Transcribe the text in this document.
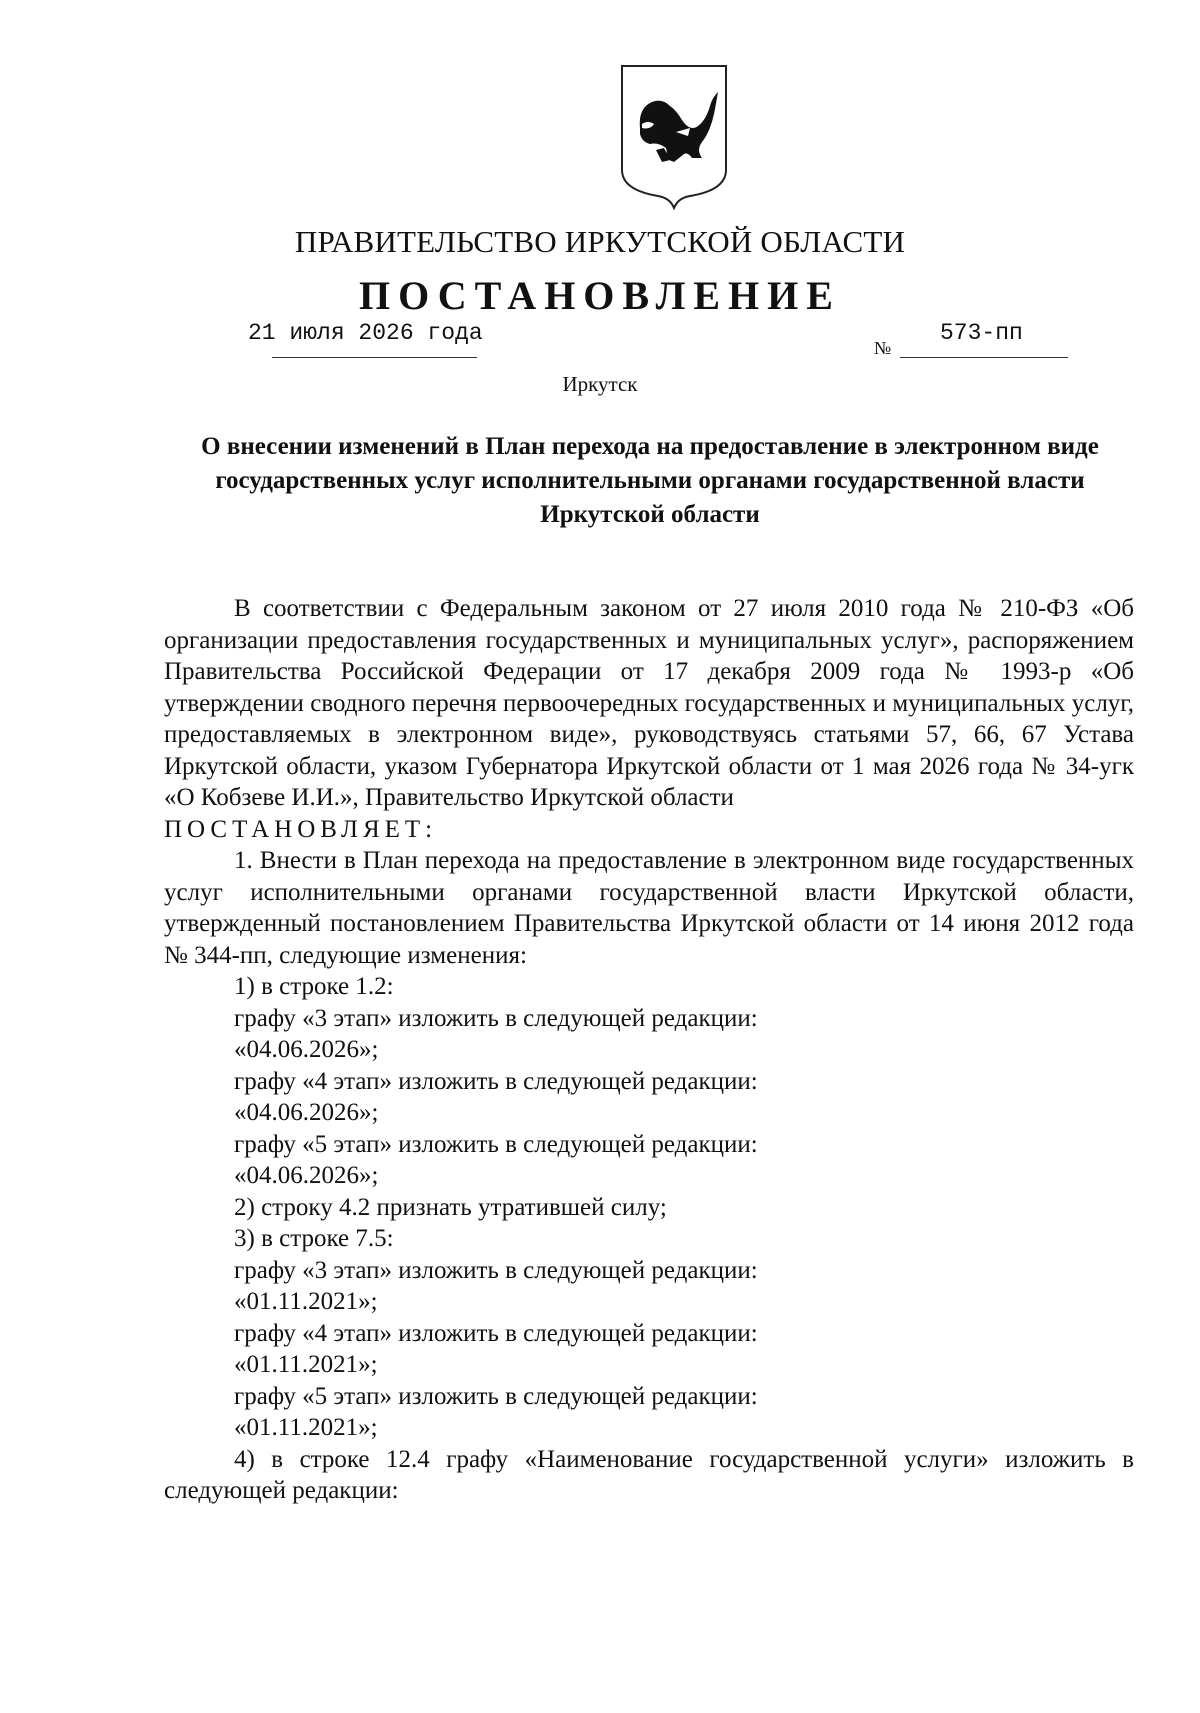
ПРАВИТЕЛЬСТВО ИРКУТСКОЙ ОБЛАСТИ
ПОСТАНОВЛЕНИЕ
21 июля 2026 года
№
573-пп
Иркутск
О внесении изменений в План перехода на предоставление в электронном виде государственных услуг исполнительными органами государственной власти Иркутской области

В соответствии с Федеральным законом от 27 июля 2010 года № 210-ФЗ «Об организации предоставления государственных и муниципальных услуг», распоряжением Правительства Российской Федерации от 17 декабря 2009 года № 1993-р «Об утверждении сводного перечня первоочередных государственных и муниципальных услуг, предоставляемых в электронном виде», руководствуясь статьями 57, 66, 67 Устава Иркутской области, указом Губернатора Иркутской области от 1 мая 2026 года № 34-угк «О Кобзеве И.И.», Правительство Иркутской области

ПОСТАНОВЛЯЕТ:

1. Внести в План перехода на предоставление в электронном виде государственных услуг исполнительными органами государственной власти Иркутской области, утвержденный постановлением Правительства Иркутской области от 14 июня 2012 года № 344-пп, следующие изменения:

1) в строке 1.2:

графу «3 этап» изложить в следующей редакции:

«04.06.2026»;

графу «4 этап» изложить в следующей редакции:

«04.06.2026»;

графу «5 этап» изложить в следующей редакции:

«04.06.2026»;

2) строку 4.2 признать утратившей силу;

3) в строке 7.5:

графу «3 этап» изложить в следующей редакции:

«01.11.2021»;

графу «4 этап» изложить в следующей редакции:

«01.11.2021»;

графу «5 этап» изложить в следующей редакции:

«01.11.2021»;

4) в строке 12.4 графу «Наименование государственной услуги» изложить в следующей редакции:
